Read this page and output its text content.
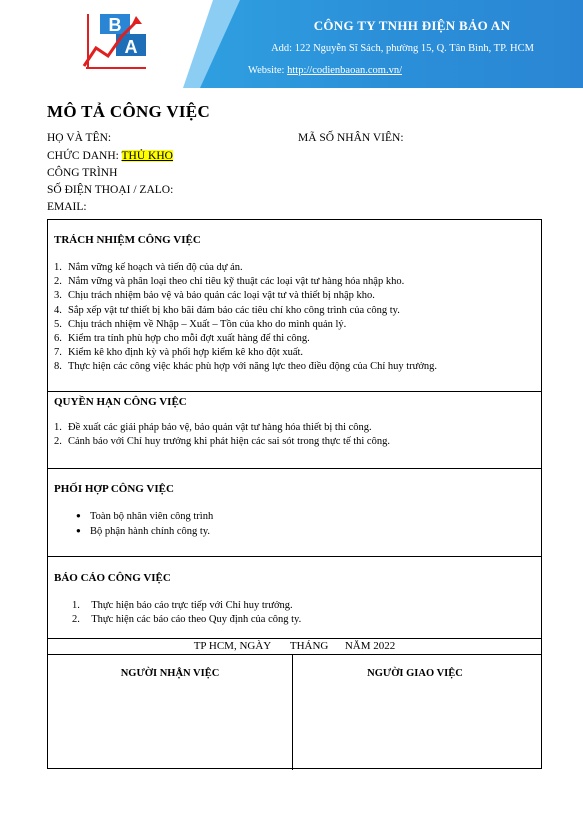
B
A
CÔNG TY TNHH ĐIỆN BẢO AN
Add: 122 Nguyễn Sĩ Sách, phường 15, Q. Tân Bình, TP. HCM
Website: http://codienbaoan.com.vn/
MÔ TẢ CÔNG VIỆC
HỌ VÀ TÊN:	MÃ SỐ NHÂN VIÊN:
CHỨC DANH: THỦ KHO
CÔNG TRÌNH
SỐ ĐIỆN THOẠI / ZALO:
EMAIL:
TRÁCH NHIỆM CÔNG VIỆC
1. Nắm vững kế hoạch và tiến độ của dự án.
2. Nắm vững và phân loại theo chỉ tiêu kỹ thuật các loại vật tư hàng hóa nhập kho.
3. Chịu trách nhiệm bảo vệ và bảo quản các loại vật tư và thiết bị nhập kho.
4. Sắp xếp vật tư thiết bị kho bãi đảm bảo các tiêu chí kho công trình của công ty.
5. Chịu trách nhiệm về Nhập – Xuất – Tồn của kho do mình quản lý.
6. Kiểm tra tính phù hợp cho mỗi đợt xuất hàng để thi công.
7. Kiểm kê kho định kỳ và phối hợp kiểm kê kho đột xuất.
8. Thực hiện các công việc khác phù hợp với năng lực theo điều động của Chỉ huy trưởng.
QUYỀN HẠN CÔNG VIỆC
1. Đề xuất các giải pháp bảo vệ, bảo quản vật tư hàng hóa thiết bị thi công.
2. Cảnh báo với Chỉ huy trưởng khi phát hiện các sai sót trong thực tế thi công.
PHỐI HỢP CÔNG VIỆC
● Toàn bộ nhân viên công trình
● Bộ phận hành chính công ty.
BÁO CÁO CÔNG VIỆC
1. Thực hiện báo cáo trực tiếp với Chỉ huy trưởng.
2. Thực hiện các báo cáo theo Quy định của công ty.
TP HCM, NGÀY       THÁNG      NĂM 2022
NGƯỜI NHẬN VIỆC	NGƯỜI GIAO VIỆC
